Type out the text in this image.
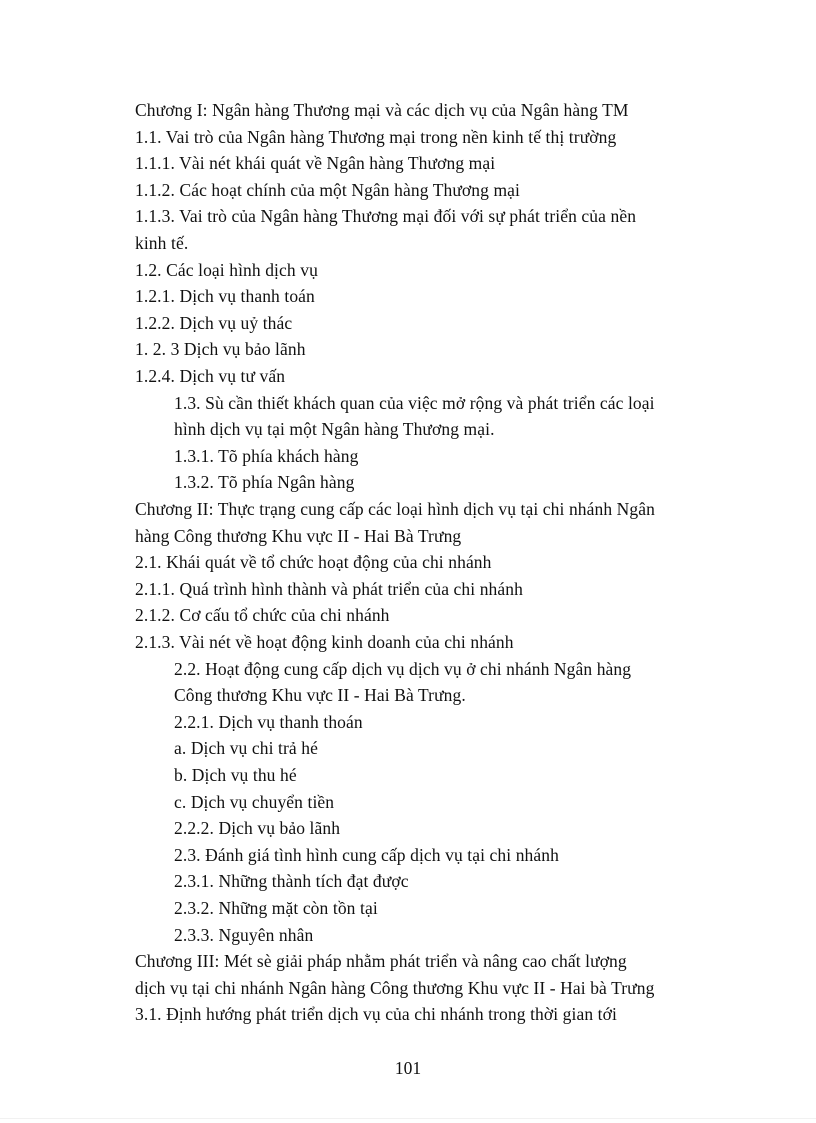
Chương I: Ngân hàng Thương mại và các dịch vụ của Ngân hàng TM
1.1. Vai trò của Ngân hàng Thương mại trong nền kinh tế thị trường
1.1.1. Vài nét khái quát về Ngân hàng Thương mại
1.1.2. Các hoạt chính của một Ngân hàng Thương mại
1.1.3. Vai trò của Ngân hàng Thương mại đối với sự phát triển của nền
kinh tế.
1.2. Các loại hình dịch vụ
1.2.1. Dịch vụ thanh toán
1.2.2. Dịch vụ uỷ thác
1. 2. 3 Dịch vụ bảo lãnh
1.2.4. Dịch vụ tư vấn
1.3. Sù cần thiết khách quan của việc mở rộng và phát triển các loại
hình dịch vụ tại một Ngân hàng Thương mại.
1.3.1. Tõ phía khách hàng
1.3.2. Tõ phía Ngân hàng
Chương II: Thực trạng cung cấp các loại hình dịch vụ tại chi nhánh Ngân
hàng Công thương Khu vực II - Hai Bà Trưng
2.1. Khái quát về tổ chức hoạt động của chi nhánh
2.1.1. Quá trình hình thành và phát triển của chi nhánh
2.1.2. Cơ cấu tổ chức của chi nhánh
2.1.3. Vài nét về hoạt động kinh doanh của chi nhánh
2.2. Hoạt động cung cấp dịch vụ dịch vụ ở chi nhánh Ngân hàng
Công thương Khu vực II - Hai Bà Trưng.
2.2.1. Dịch vụ thanh thoán
a. Dịch vụ chi trả hé
b. Dịch vụ thu hé
c. Dịch vụ chuyển tiền
2.2.2. Dịch vụ bảo lãnh
2.3. Đánh giá tình hình cung cấp dịch vụ tại chi nhánh
2.3.1. Những thành tích đạt được
2.3.2. Những mặt còn tồn tại
2.3.3. Nguyên nhân
Chương III: Mét sè giải pháp nhằm phát triển và nâng cao chất lượng
dịch vụ tại chi nhánh Ngân hàng Công thương Khu vực II - Hai bà Trưng
3.1. Định hướng phát triển dịch vụ của chi nhánh trong thời gian tới
101
